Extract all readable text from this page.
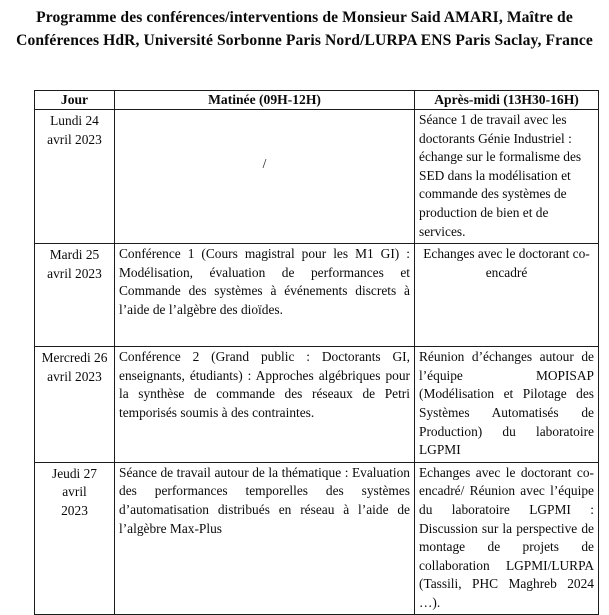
Programme des conférences/interventions de Monsieur Said AMARI, Maître de
Conférences HdR, Université Sorbonne Paris Nord/LURPA ENS Paris Saclay, France
Jour	Matinée (09H-12H)	Après-midi (13H30-16H)

Lundi 24
avril 2023	/	Séance 1 de travail avec les doctorants Génie Industriel : échange sur le formalisme des SED dans la modélisation et commande des systèmes de production de bien et de services.

Mardi 25
avril 2023	Conférence 1 (Cours magistral pour les M1 GI) : Modélisation, évaluation de performances et Commande des systèmes à événements discrets à l’aide de l’algèbre des dioïdes.	Echanges avec le doctorant co-encadré

Mercredi 26
avril 2023	Conférence 2 (Grand public : Doctorants GI, enseignants, étudiants) : Approches algébriques pour la synthèse de commande des réseaux de Petri temporisés soumis à des contraintes.	Réunion d’échanges autour de l’équipe MOPISAP (Modélisation et Pilotage des Systèmes Automatisés de Production) du laboratoire LGPMI

Jeudi 27 avril
2023	Séance de travail autour de la thématique : Evaluation des performances temporelles des systèmes d’automatisation distribués en réseau à l’aide de l’algèbre Max-Plus	Echanges avec le doctorant co-encadré/ Réunion avec l’équipe du laboratoire LGPMI : Discussion sur la perspective de montage de projets de collaboration LGPMI/LURPA (Tassili, PHC Maghreb 2024 …).
